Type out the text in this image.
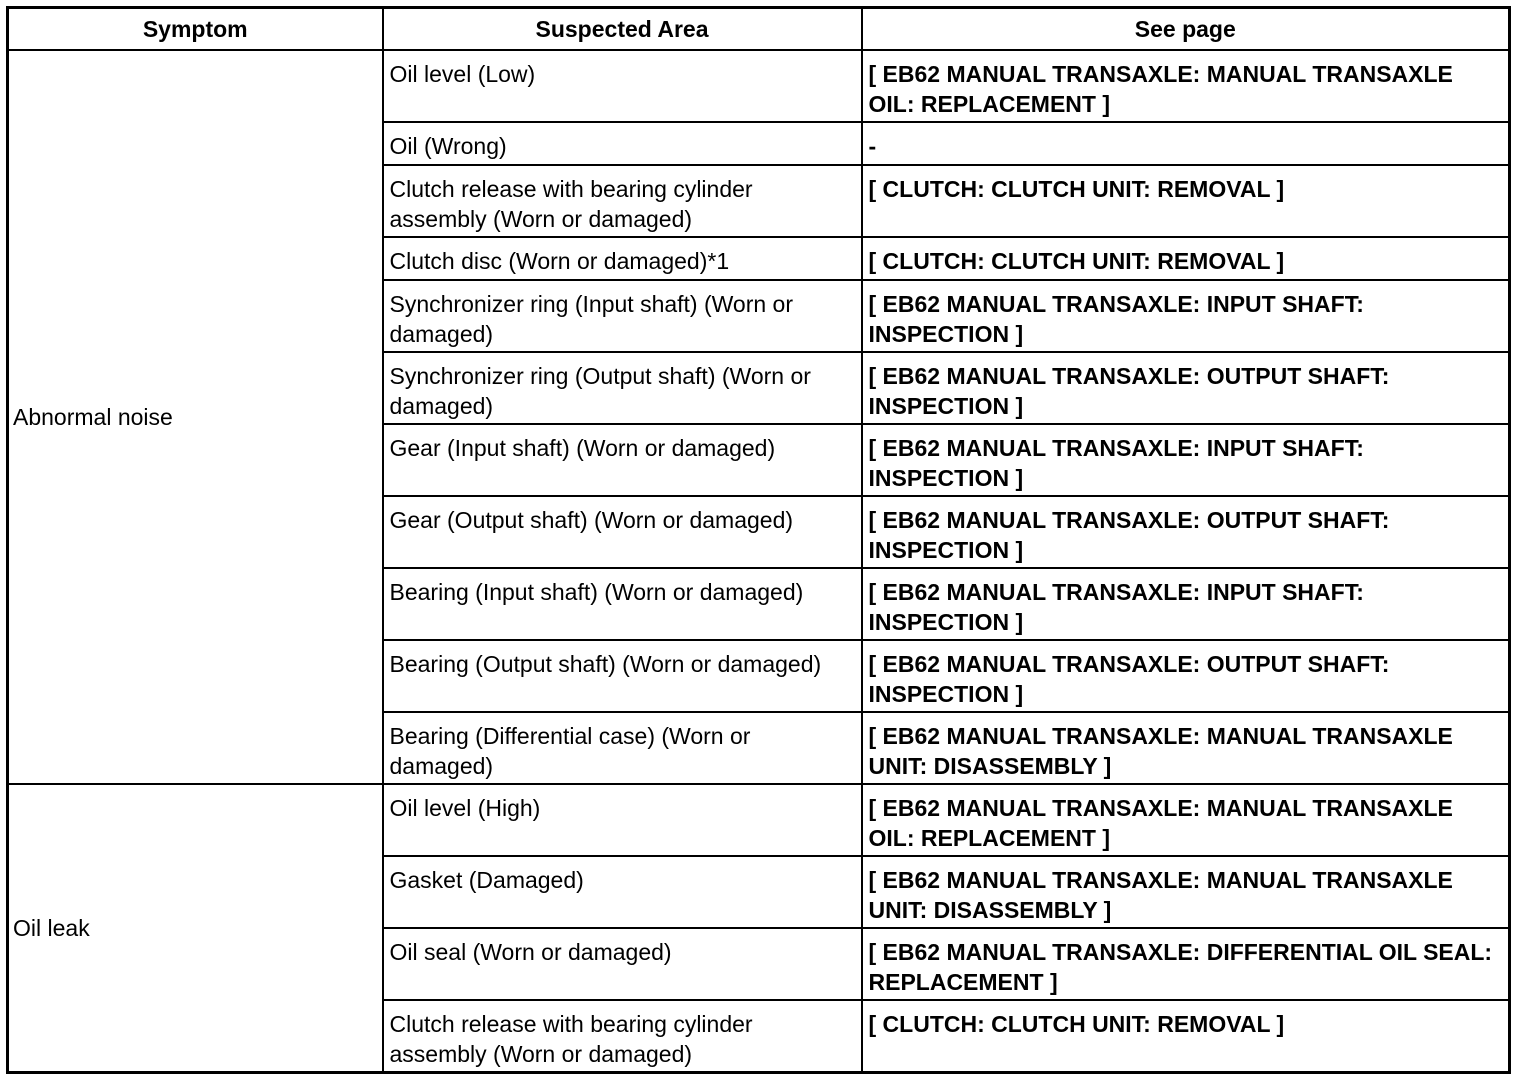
Symptom	Suspected Area	See page
Abnormal noise	Oil level (Low)	[ EB62 MANUAL TRANSAXLE: MANUAL TRANSAXLE OIL: REPLACEMENT ]
	Oil (Wrong)	-
	Clutch release with bearing cylinder assembly (Worn or damaged)	[ CLUTCH: CLUTCH UNIT: REMOVAL ]
	Clutch disc (Worn or damaged)*1	[ CLUTCH: CLUTCH UNIT: REMOVAL ]
	Synchronizer ring (Input shaft) (Worn or damaged)	[ EB62 MANUAL TRANSAXLE: INPUT SHAFT: INSPECTION ]
	Synchronizer ring (Output shaft) (Worn or damaged)	[ EB62 MANUAL TRANSAXLE: OUTPUT SHAFT: INSPECTION ]
	Gear (Input shaft) (Worn or damaged)	[ EB62 MANUAL TRANSAXLE: INPUT SHAFT: INSPECTION ]
	Gear (Output shaft) (Worn or damaged)	[ EB62 MANUAL TRANSAXLE: OUTPUT SHAFT: INSPECTION ]
	Bearing (Input shaft) (Worn or damaged)	[ EB62 MANUAL TRANSAXLE: INPUT SHAFT: INSPECTION ]
	Bearing (Output shaft) (Worn or damaged)	[ EB62 MANUAL TRANSAXLE: OUTPUT SHAFT: INSPECTION ]
	Bearing (Differential case) (Worn or damaged)	[ EB62 MANUAL TRANSAXLE: MANUAL TRANSAXLE UNIT: DISASSEMBLY ]
Oil leak	Oil level (High)	[ EB62 MANUAL TRANSAXLE: MANUAL TRANSAXLE OIL: REPLACEMENT ]
	Gasket (Damaged)	[ EB62 MANUAL TRANSAXLE: MANUAL TRANSAXLE UNIT: DISASSEMBLY ]
	Oil seal (Worn or damaged)	[ EB62 MANUAL TRANSAXLE: DIFFERENTIAL OIL SEAL: REPLACEMENT ]
	Clutch release with bearing cylinder assembly (Worn or damaged)	[ CLUTCH: CLUTCH UNIT: REMOVAL ]
